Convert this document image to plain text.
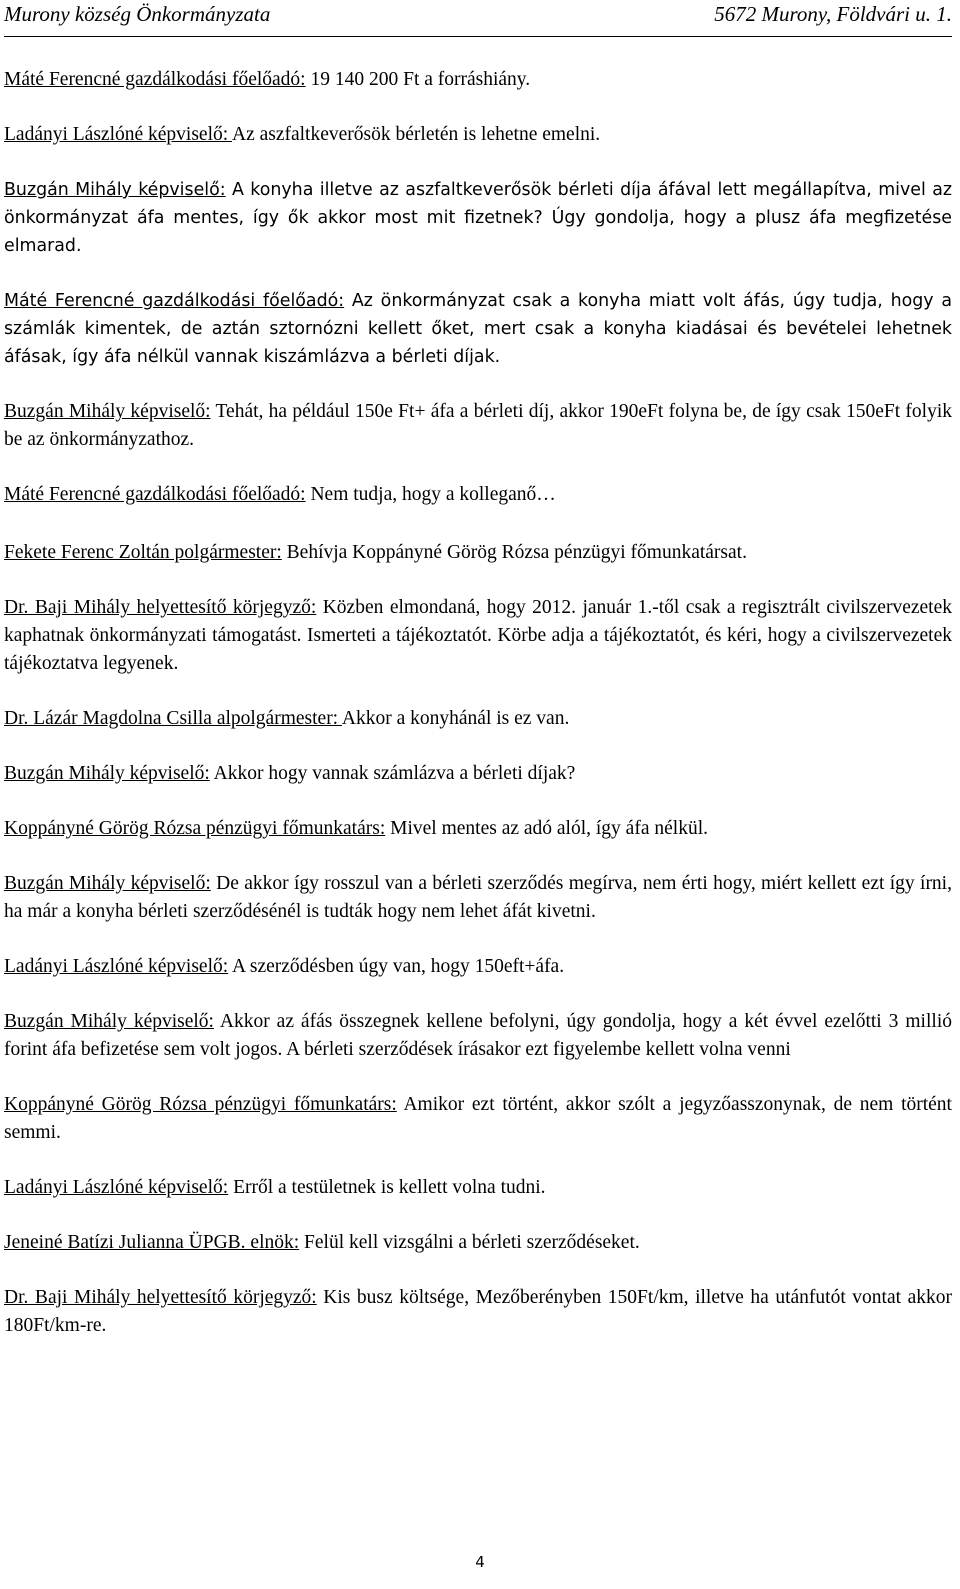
Murony község Önkormányzata	5672 Murony, Földvári u. 1.

Máté Ferencné gazdálkodási főelőadó: 19 140 200 Ft a forráshiány.

Ladányi Lászlóné képviselő: Az aszfaltkeverősök bérletén is lehetne emelni.

Buzgán Mihály képviselő: A konyha illetve az aszfaltkeverősök bérleti díja áfával lett megállapítva, mivel az önkormányzat áfa mentes, így ők akkor most mit fizetnek? Úgy gondolja, hogy a plusz áfa megfizetése elmarad.

Máté Ferencné gazdálkodási főelőadó: Az önkormányzat csak a konyha miatt volt áfás, úgy tudja, hogy a számlák kimentek, de aztán sztornózni kellett őket, mert csak a konyha kiadásai és bevételei lehetnek áfásak, így áfa nélkül vannak kiszámlázva a bérleti díjak.

Buzgán Mihály képviselő: Tehát, ha például 150e Ft+ áfa a bérleti díj, akkor 190eFt folyna be, de így csak 150eFt folyik be az önkormányzathoz.

Máté Ferencné gazdálkodási főelőadó: Nem tudja, hogy a kolleganő…

Fekete Ferenc Zoltán polgármester: Behívja Koppányné Görög Rózsa pénzügyi főmunkatársat.

Dr. Baji Mihály helyettesítő körjegyző: Közben elmondaná, hogy 2012. január 1.-től csak a regisztrált civilszervezetek kaphatnak önkormányzati támogatást. Ismerteti a tájékoztatót. Körbe adja a tájékoztatót, és kéri, hogy a civilszervezetek tájékoztatva legyenek.

Dr. Lázár Magdolna Csilla alpolgármester: Akkor a konyhánál is ez van.

Buzgán Mihály képviselő: Akkor hogy vannak számlázva a bérleti díjak?

Koppányné Görög Rózsa pénzügyi főmunkatárs: Mivel mentes az adó alól, így áfa nélkül.

Buzgán Mihály képviselő: De akkor így rosszul van a bérleti szerződés megírva, nem érti hogy, miért kellett ezt így írni, ha már a konyha bérleti szerződésénél is tudták hogy nem lehet áfát kivetni.

Ladányi Lászlóné képviselő: A szerződésben úgy van, hogy 150eft+áfa.

Buzgán Mihály képviselő: Akkor az áfás összegnek kellene befolyni, úgy gondolja, hogy a két évvel ezelőtti 3 millió forint áfa befizetése sem volt jogos. A bérleti szerződések írásakor ezt figyelembe kellett volna venni

Koppányné Görög Rózsa pénzügyi főmunkatárs: Amikor ezt történt, akkor szólt a jegyzőasszonynak, de nem történt semmi.

Ladányi Lászlóné képviselő: Erről a testületnek is kellett volna tudni.

Jeneiné Batízi Julianna ÜPGB. elnök: Felül kell vizsgálni a bérleti szerződéseket.

Dr. Baji Mihály helyettesítő körjegyző: Kis busz költsége, Mezőberényben 150Ft/km, illetve ha utánfutót vontat akkor 180Ft/km-re.

4
